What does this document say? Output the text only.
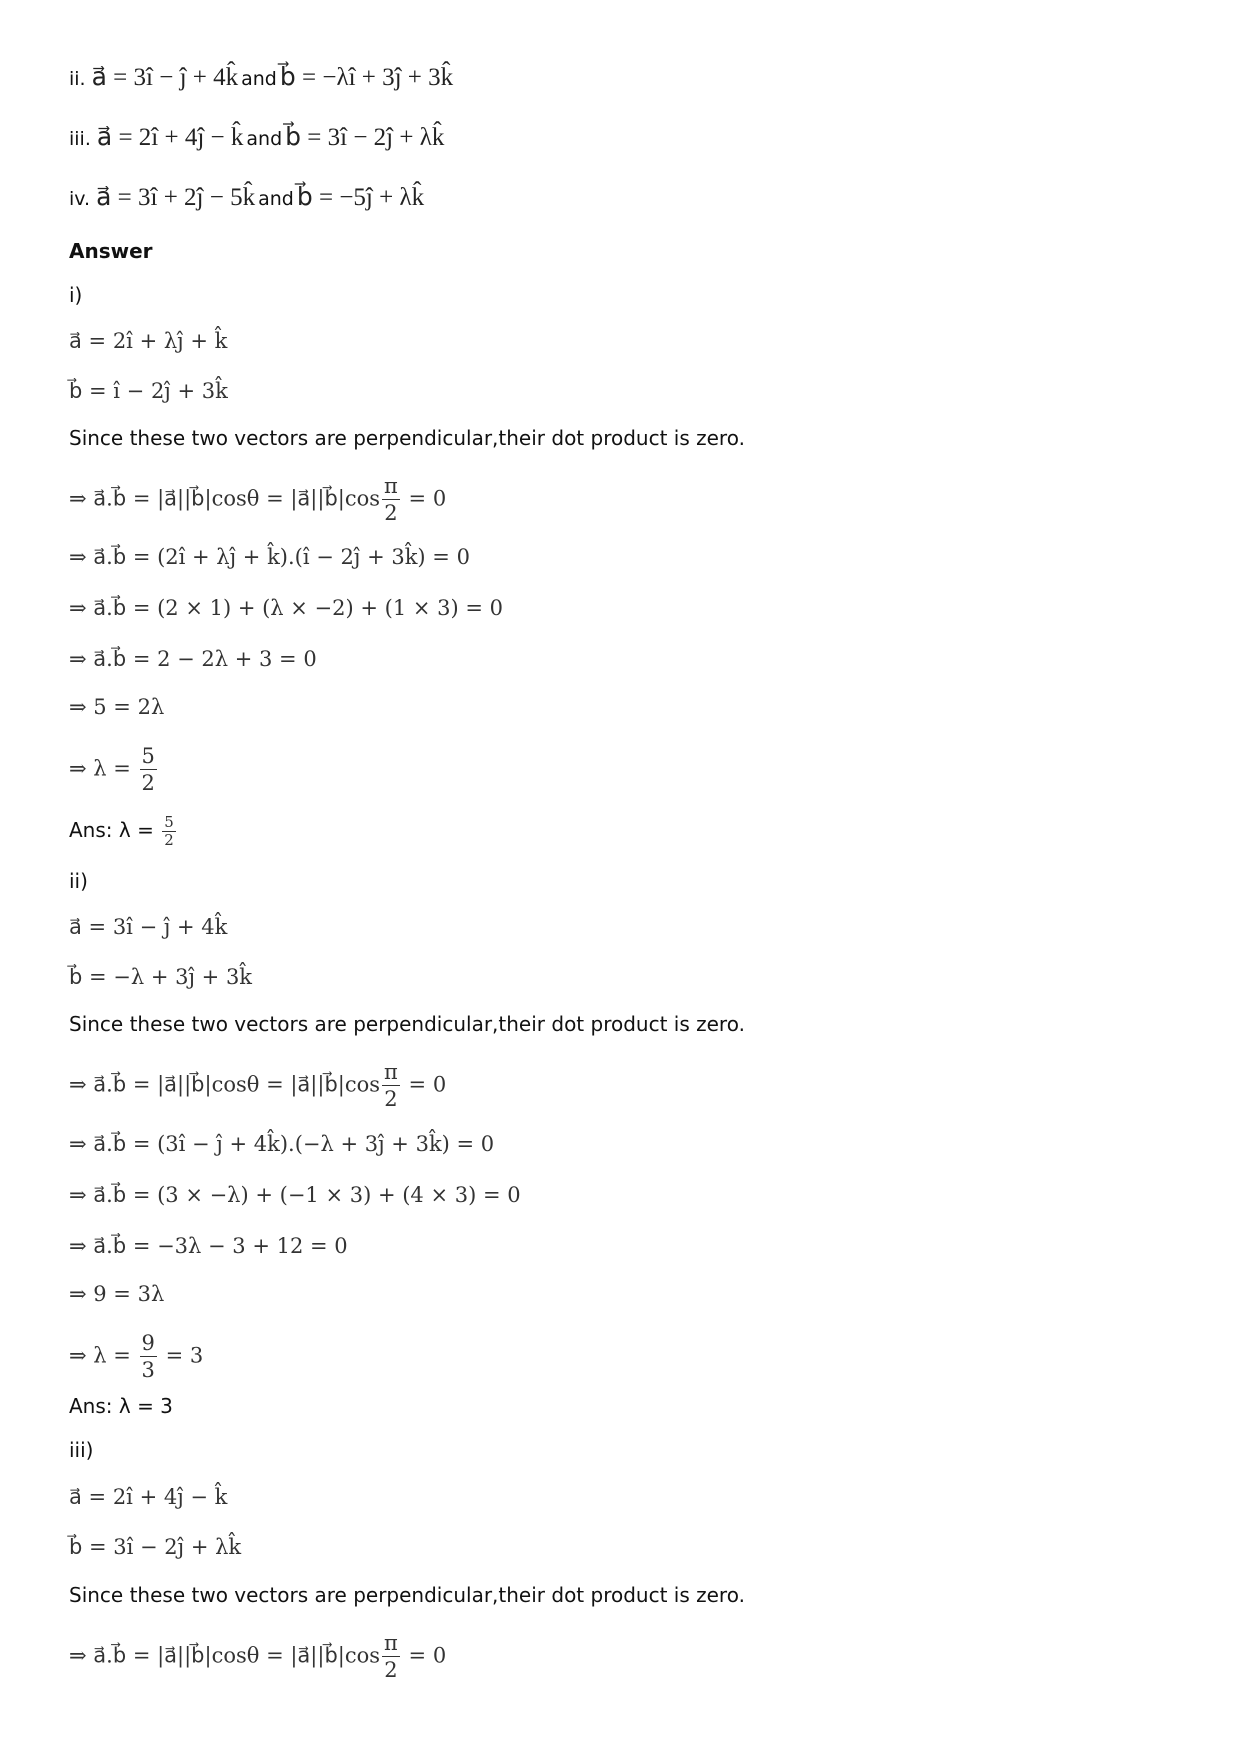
ii. a⃗ = 3î − ĵ + 4k̂ and b⃗ = −λî + 3ĵ + 3k̂
iii. a⃗ = 2î + 4ĵ − k̂ and b⃗ = 3î − 2ĵ + λk̂
iv. a⃗ = 3î + 2ĵ − 5k̂ and b⃗ = −5ĵ + λk̂
Answer
i)
a⃗ = 2î + λĵ + k̂
b⃗ = î − 2ĵ + 3k̂
Since these two vectors are perpendicular,their dot product is zero.
⇒ a⃗.b⃗ = |a⃗||b⃗|cosθ = |a⃗||b⃗|cos $\frac{\pi}{2} = 0$
⇒ a⃗.b⃗ = (2î + λĵ + k̂).(î − 2ĵ + 3k̂) = 0
⇒ a⃗.b⃗ = (2 × 1) + (λ × −2) + (1 × 3) = 0
⇒ a⃗.b⃗ = 2 − 2λ + 3 = 0
⇒ 5 = 2λ
⇒ $\lambda = \frac{5}{2}$
Ans: $\lambda = \frac{5}{2}$
ii)
a⃗ = 3î − ĵ + 4k̂
b⃗ = −λ + 3ĵ + 3k̂
Since these two vectors are perpendicular,their dot product is zero.
⇒ a⃗.b⃗ = |a⃗||b⃗|cosθ = |a⃗||b⃗|cos $\frac{\pi}{2} = 0$
⇒ a⃗.b⃗ = (3î − ĵ + 4k̂).(−λ + 3ĵ + 3k̂) = 0
⇒ a⃗.b⃗ = (3 × −λ) + (−1 × 3) + (4 × 3) = 0
⇒ a⃗.b⃗ = −3λ − 3 + 12 = 0
⇒ 9 = 3λ
⇒ $\lambda = \frac{9}{3} = 3$
Ans: λ = 3
iii)
a⃗ = 2î + 4ĵ − k̂
b⃗ = 3î − 2ĵ + λk̂
Since these two vectors are perpendicular,their dot product is zero.
⇒ a⃗.b⃗ = |a⃗||b⃗|cosθ = |a⃗||b⃗|cos $\frac{\pi}{2} = 0$
